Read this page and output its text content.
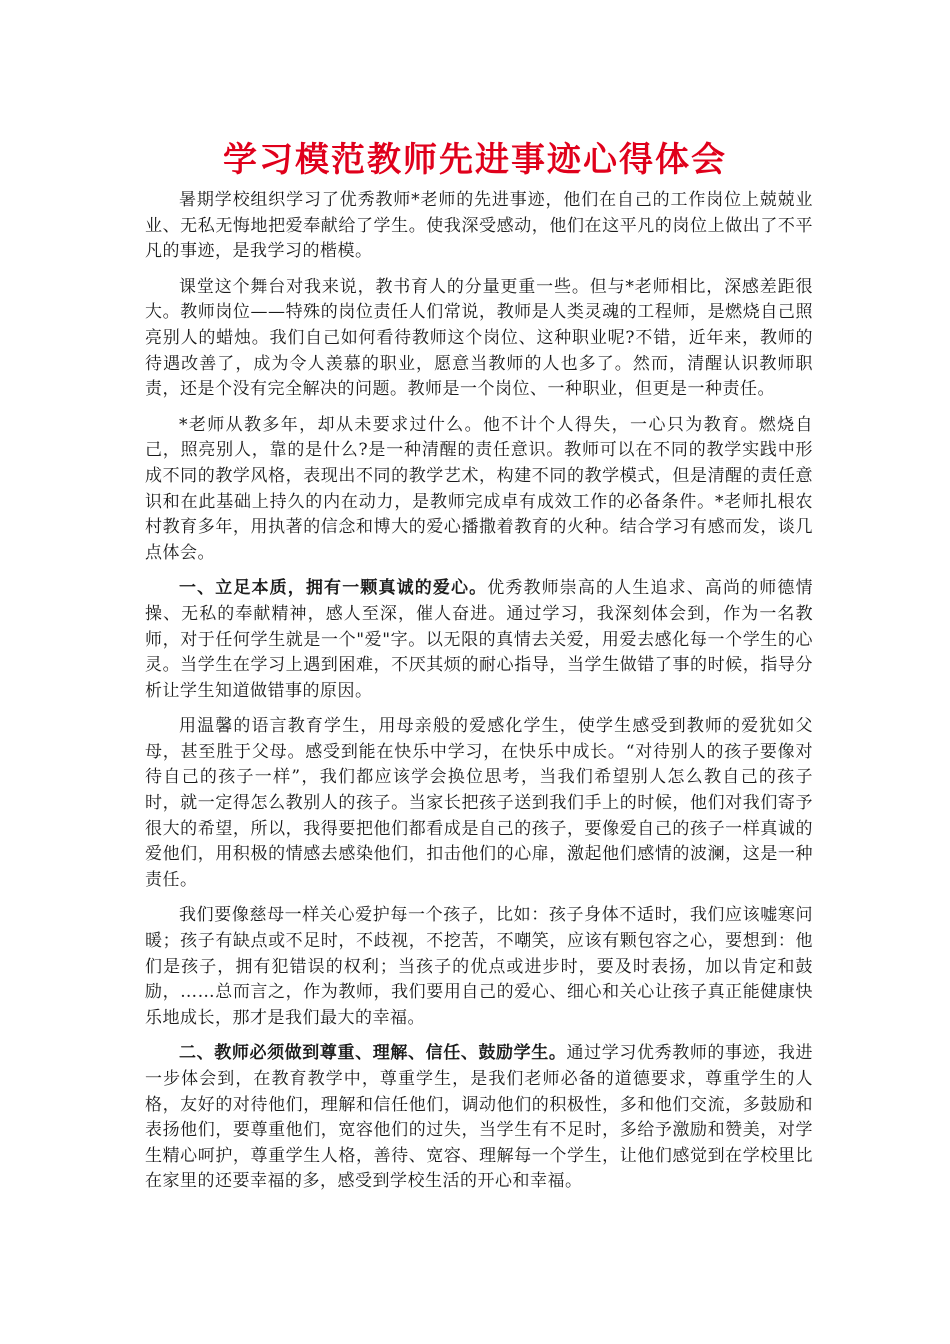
学习模范教师先进事迹心得体会

暑期学校组织学习了优秀教师*老师的先进事迹，他们在自己的工作岗位上兢兢业业、无私无悔地把爱奉献给了学生。使我深受感动，他们在这平凡的岗位上做出了不平凡的事迹，是我学习的楷模。

课堂这个舞台对我来说，教书育人的分量更重一些。但与*老师相比，深感差距很大。教师岗位——特殊的岗位责任人们常说，教师是人类灵魂的工程师，是燃烧自己照亮别人的蜡烛。我们自己如何看待教师这个岗位、这种职业呢?不错，近年来，教师的待遇改善了，成为令人羡慕的职业，愿意当教师的人也多了。然而，清醒认识教师职责，还是个没有完全解决的问题。教师是一个岗位、一种职业，但更是一种责任。

*老师从教多年，却从未要求过什么。他不计个人得失，一心只为教育。燃烧自己，照亮别人，靠的是什么?是一种清醒的责任意识。教师可以在不同的教学实践中形成不同的教学风格，表现出不同的教学艺术，构建不同的教学模式，但是清醒的责任意识和在此基础上持久的内在动力，是教师完成卓有成效工作的必备条件。*老师扎根农村教育多年，用执著的信念和博大的爱心播撒着教育的火种。结合学习有感而发，谈几点体会。

一、立足本质，拥有一颗真诚的爱心。优秀教师崇高的人生追求、高尚的师德情操、无私的奉献精神，感人至深，催人奋进。通过学习，我深刻体会到，作为一名教师，对于任何学生就是一个"爱"字。以无限的真情去关爱，用爱去感化每一个学生的心灵。当学生在学习上遇到困难，不厌其烦的耐心指导，当学生做错了事的时候，指导分析让学生知道做错事的原因。

用温馨的语言教育学生，用母亲般的爱感化学生，使学生感受到教师的爱犹如父母，甚至胜于父母。感受到能在快乐中学习，在快乐中成长。“对待别人的孩子要像对待自己的孩子一样”，我们都应该学会换位思考，当我们希望别人怎么教自己的孩子时，就一定得怎么教别人的孩子。当家长把孩子送到我们手上的时候，他们对我们寄予很大的希望，所以，我得要把他们都看成是自己的孩子，要像爱自己的孩子一样真诚的爱他们，用积极的情感去感染他们，扣击他们的心扉，激起他们感情的波澜，这是一种责任。

我们要像慈母一样关心爱护每一个孩子，比如：孩子身体不适时，我们应该嘘寒问暖；孩子有缺点或不足时，不歧视，不挖苦，不嘲笑，应该有颗包容之心，要想到：他们是孩子，拥有犯错误的权利；当孩子的优点或进步时，要及时表扬，加以肯定和鼓励，……总而言之，作为教师，我们要用自己的爱心、细心和关心让孩子真正能健康快乐地成长，那才是我们最大的幸福。

二、教师必须做到尊重、理解、信任、鼓励学生。通过学习优秀教师的事迹，我进一步体会到，在教育教学中，尊重学生，是我们老师必备的道德要求，尊重学生的人格，友好的对待他们，理解和信任他们，调动他们的积极性，多和他们交流，多鼓励和表扬他们，要尊重他们，宽容他们的过失，当学生有不足时，多给予激励和赞美，对学生精心呵护，尊重学生人格，善待、宽容、理解每一个学生，让他们感觉到在学校里比在家里的还要幸福的多，感受到学校生活的开心和幸福。
